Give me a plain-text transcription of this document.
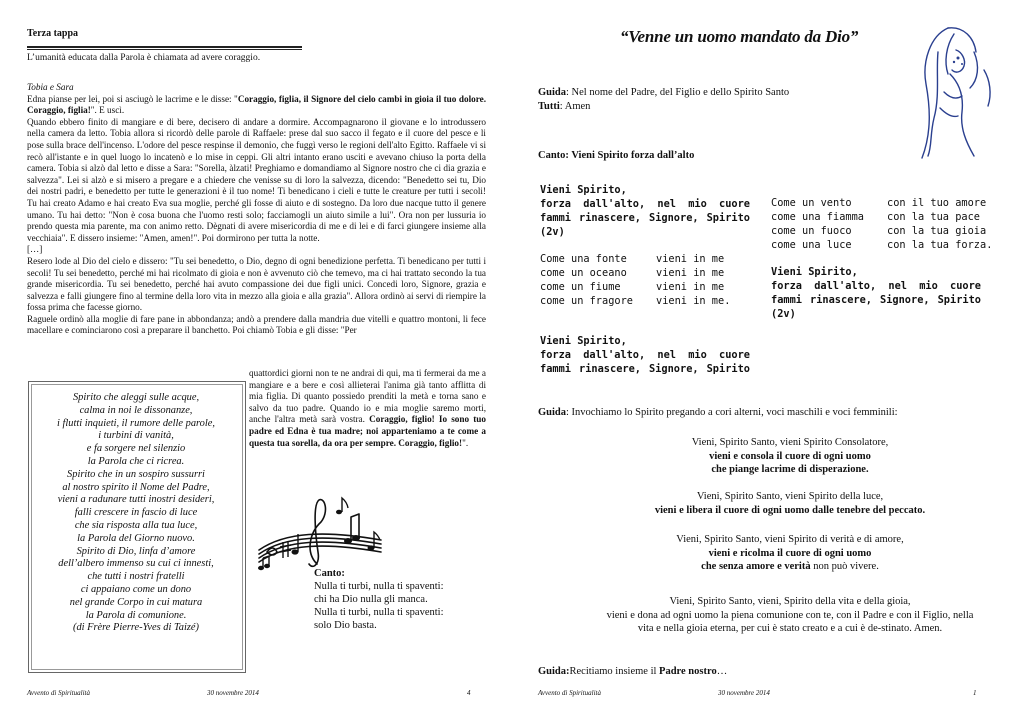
Terza tappa
L’umanità educata dalla Parola è chiamata ad avere coraggio.
Tobia e Sara
Edna pianse per lei, poi si asciugò le lacrime e le disse: "Coraggio, figlia, il Signore del cielo cambi in gioia il tuo dolore. Coraggio, figlia!". E uscì.
Quando ebbero finito di mangiare e di bere, decisero di andare a dormire. Accompagnarono il giovane e lo introdussero nella camera da letto. Tobia allora si ricordò delle parole di Raffaele: prese dal suo sacco il fegato e il cuore del pesce e li pose sulla brace dell'incenso. L'odore del pesce respinse il demonio, che fuggì verso le regioni dell'alto Egitto. Raffaele vi si recò all'istante e in quel luogo lo incatenò e lo mise in ceppi. Gli altri intanto erano usciti e avevano chiuso la porta della camera. Tobia si alzò dal letto e disse a Sara: "Sorella, àlzati! Preghiamo e domandiamo al Signore nostro che ci dia grazia e salvezza". Lei si alzò e si misero a pregare e a chiedere che venisse su di loro la salvezza, dicendo: "Benedetto sei tu, Dio dei nostri padri, e benedetto per tutte le generazioni è il tuo nome! Ti benedicano i cieli e tutte le creature per tutti i secoli! Tu hai creato Adamo e hai creato Eva sua moglie, perché gli fosse di aiuto e di sostegno. Da loro due nacque tutto il genere umano. Tu hai detto: "Non è cosa buona che l'uomo resti solo; facciamogli un aiuto simile a lui". Ora non per lussuria io prendo questa mia parente, ma con animo retto. Dègnati di avere misericordia di me e di lei e di farci giungere insieme alla vecchiaia". E dissero insieme: "Amen, amen!". Poi dormirono per tutta la notte.
[…]
Resero lode al Dio del cielo e dissero: "Tu sei benedetto, o Dio, degno di ogni benedizione perfetta. Ti benedicano per tutti i secoli! Tu sei benedetto, perché mi hai ricolmato di gioia e non è avvenuto ciò che temevo, ma ci hai trattato secondo la tua grande misericordia. Tu sei benedetto, perché hai avuto compassione dei due figli unici. Concedi loro, Signore, grazia e salvezza e falli giungere fino al termine della loro vita in mezzo alla gioia e alla grazia". Allora ordinò ai servi di riempire la fossa prima che facesse giorno.
Raguele ordinò alla moglie di fare pane in abbondanza; andò a prendere dalla mandria due vitelli e quattro montoni, li fece macellare e cominciarono così a preparare il banchetto. Poi chiamò Tobia e gli disse: "Per
quattordici giorni non te ne andrai di qui, ma ti fermerai da me a mangiare e a bere e così allieterai l'anima già tanto afflitta di mia figlia. Di quanto possiedo prenditi la metà e torna sano e salvo da tuo padre. Quando io e mia moglie saremo morti, anche l'altra metà sarà vostra. Coraggio, figlio! Io sono tuo padre ed Edna è tua madre; noi apparteniamo a te come a questa tua sorella, da ora per sempre. Coraggio, figlio!".
Spirito che aleggi sulle acque,
calma in noi le dissonanze,
i flutti inquieti, il rumore delle parole,
i turbini di vanità,
e fa sorgere nel silenzio
la Parola che ci ricrea.
Spirito che in un sospiro sussurri
al nostro spirito il Nome del Padre,
vieni a radunare tutti inostri desideri,
falli crescere in fascio di luce
che sia risposta alla tua luce,
la Parola del Giorno nuovo.
Spirito di Dio, linfa d’amore
dell’albero immenso su cui ci innesti,
che tutti i nostri fratelli
ci appaiano come un dono
nel grande Corpo in cui matura
la Parola di comunione.
(di Frère Pierre-Yves di Taizé)
Canto:
Nulla ti turbi, nulla ti spaventi:
chi ha Dio nulla gli manca.
Nulla ti turbi, nulla ti spaventi:
solo Dio basta.
Avvento di Spiritualità	30 novembre 2014	4
“Venne un uomo mandato da Dio”
Guida: Nel nome del Padre, del Figlio e dello Spirito Santo
Tutti: Amen
Canto: Vieni Spirito forza dall’alto
Vieni Spirito,
forza dall'alto, nel mio cuore
fammi rinascere, Signore, Spirito
(2v)
Come una fonte	vieni in me
come un oceano	vieni in me
come un fiume	vieni in me
come un fragore	vieni in me.
Vieni Spirito,
forza dall'alto, nel mio cuore
fammi rinascere, Signore, Spirito
Come un vento	con il tuo amore
come una fiamma	con la tua pace
come un fuoco	con la tua gioia
come una luce	con la tua forza.
Vieni Spirito,
forza dall'alto, nel mio cuore
fammi rinascere, Signore, Spirito
(2v)
Guida: Invochiamo lo Spirito pregando a cori alterni, voci maschili e voci femminili:
Vieni, Spirito Santo, vieni Spirito Consolatore,
vieni e consola il cuore di ogni uomo
che piange lacrime di disperazione.
Vieni, Spirito Santo, vieni Spirito della luce,
vieni e libera il cuore di ogni uomo dalle tenebre del peccato.
Vieni, Spirito Santo, vieni Spirito di verità e di amore,
vieni e ricolma il cuore di ogni uomo
che senza amore e verità non può vivere.
Vieni, Spirito Santo, vieni, Spirito della vita e della gioia,
vieni e dona ad ogni uomo la piena comunione con te, con il Padre e con il Figlio, nella vita e nella gioia eterna, per cui è stato creato e a cui è de-stinato. Amen.
Guida:Recitiamo insieme il Padre nostro…
Avvento di Spiritualità	30 novembre 2014	1
